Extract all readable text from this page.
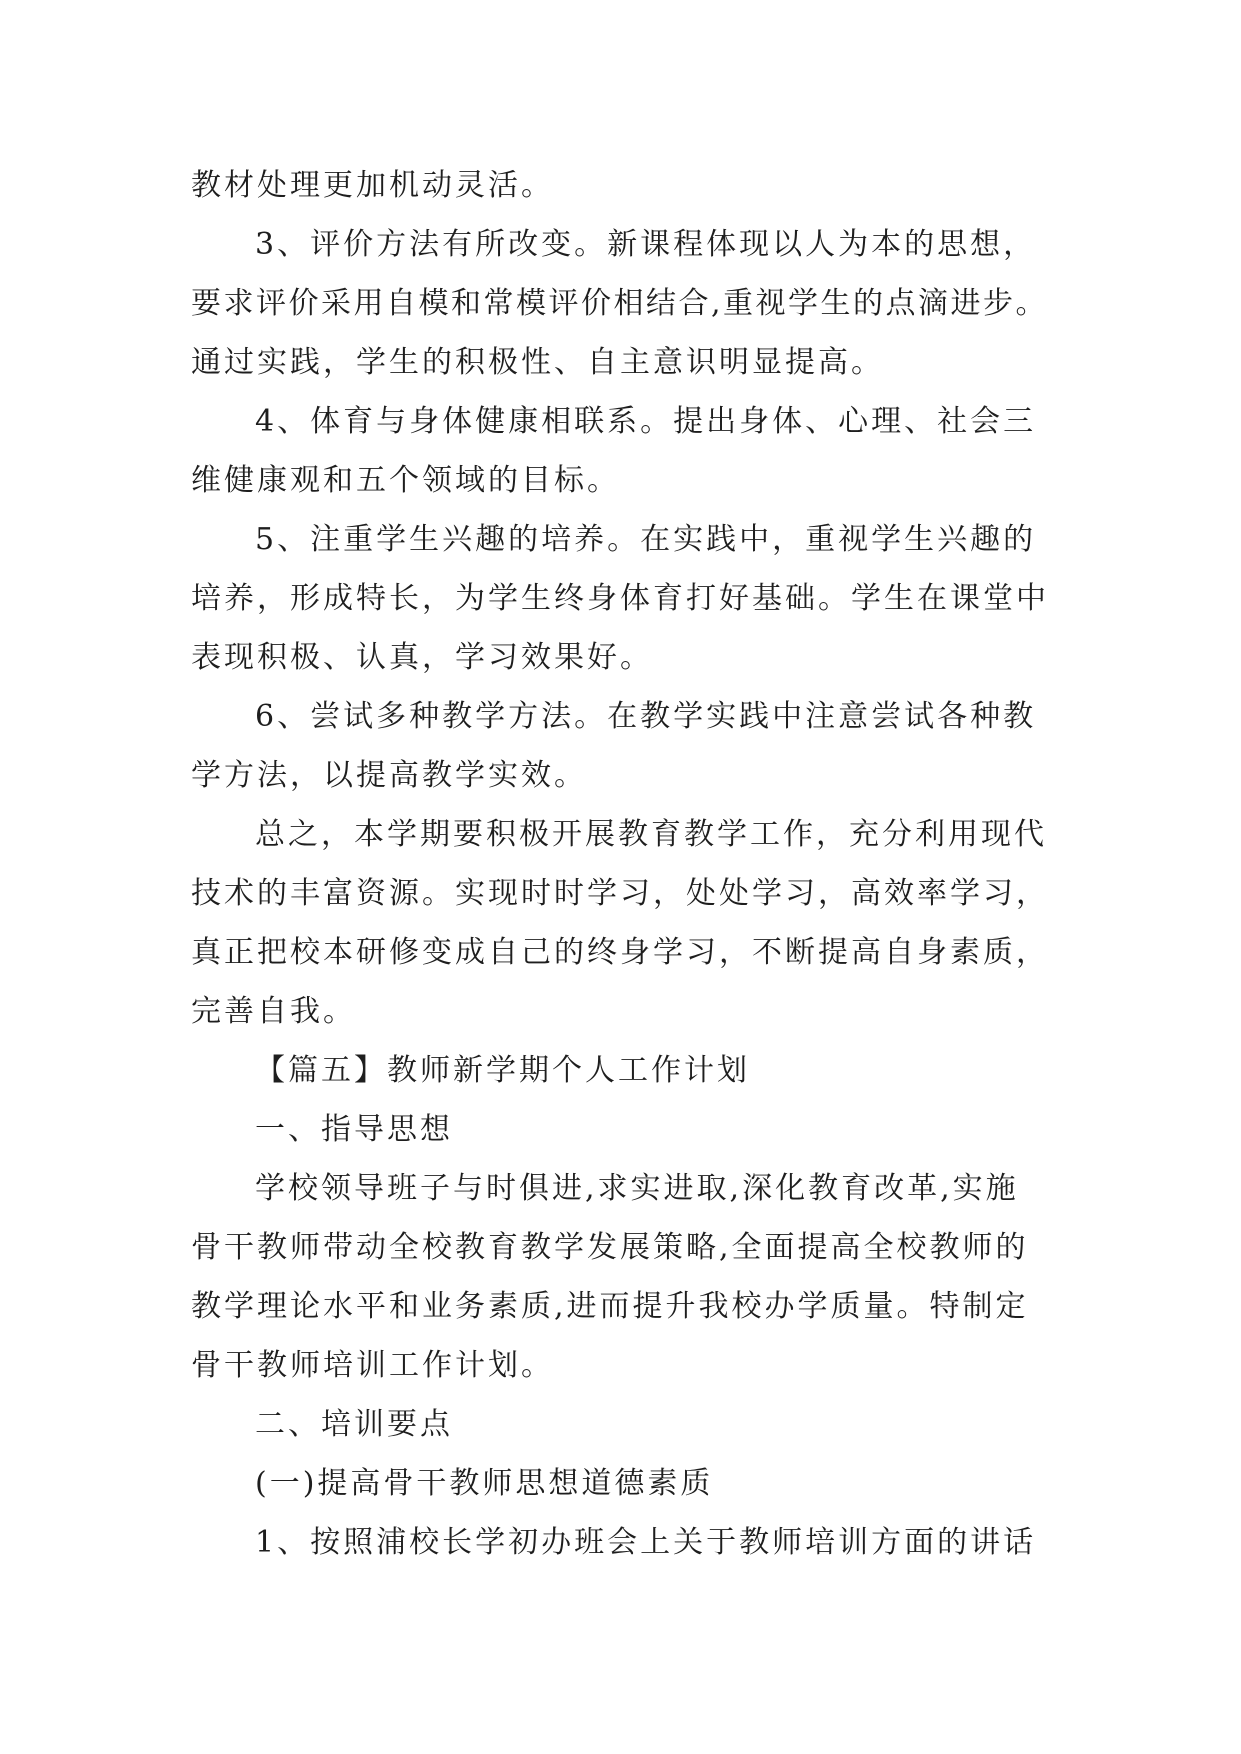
教材处理更加机动灵活。
3、评价方法有所改变。新课程体现以人为本的思想，
要求评价采用自模和常模评价相结合,重视学生的点滴进步。
通过实践，学生的积极性、自主意识明显提高。
4、体育与身体健康相联系。提出身体、心理、社会三
维健康观和五个领域的目标。
5、注重学生兴趣的培养。在实践中，重视学生兴趣的
培养，形成特长，为学生终身体育打好基础。学生在课堂中
表现积极、认真，学习效果好。
6、尝试多种教学方法。在教学实践中注意尝试各种教
学方法，以提高教学实效。
总之，本学期要积极开展教育教学工作，充分利用现代
技术的丰富资源。实现时时学习，处处学习，高效率学习，
真正把校本研修变成自己的终身学习，不断提高自身素质，
完善自我。
【篇五】教师新学期个人工作计划
一、指导思想
学校领导班子与时俱进,求实进取,深化教育改革,实施
骨干教师带动全校教育教学发展策略,全面提高全校教师的
教学理论水平和业务素质,进而提升我校办学质量。特制定
骨干教师培训工作计划。
二、培训要点
(一)提高骨干教师思想道德素质
1、按照浦校长学初办班会上关于教师培训方面的讲话
